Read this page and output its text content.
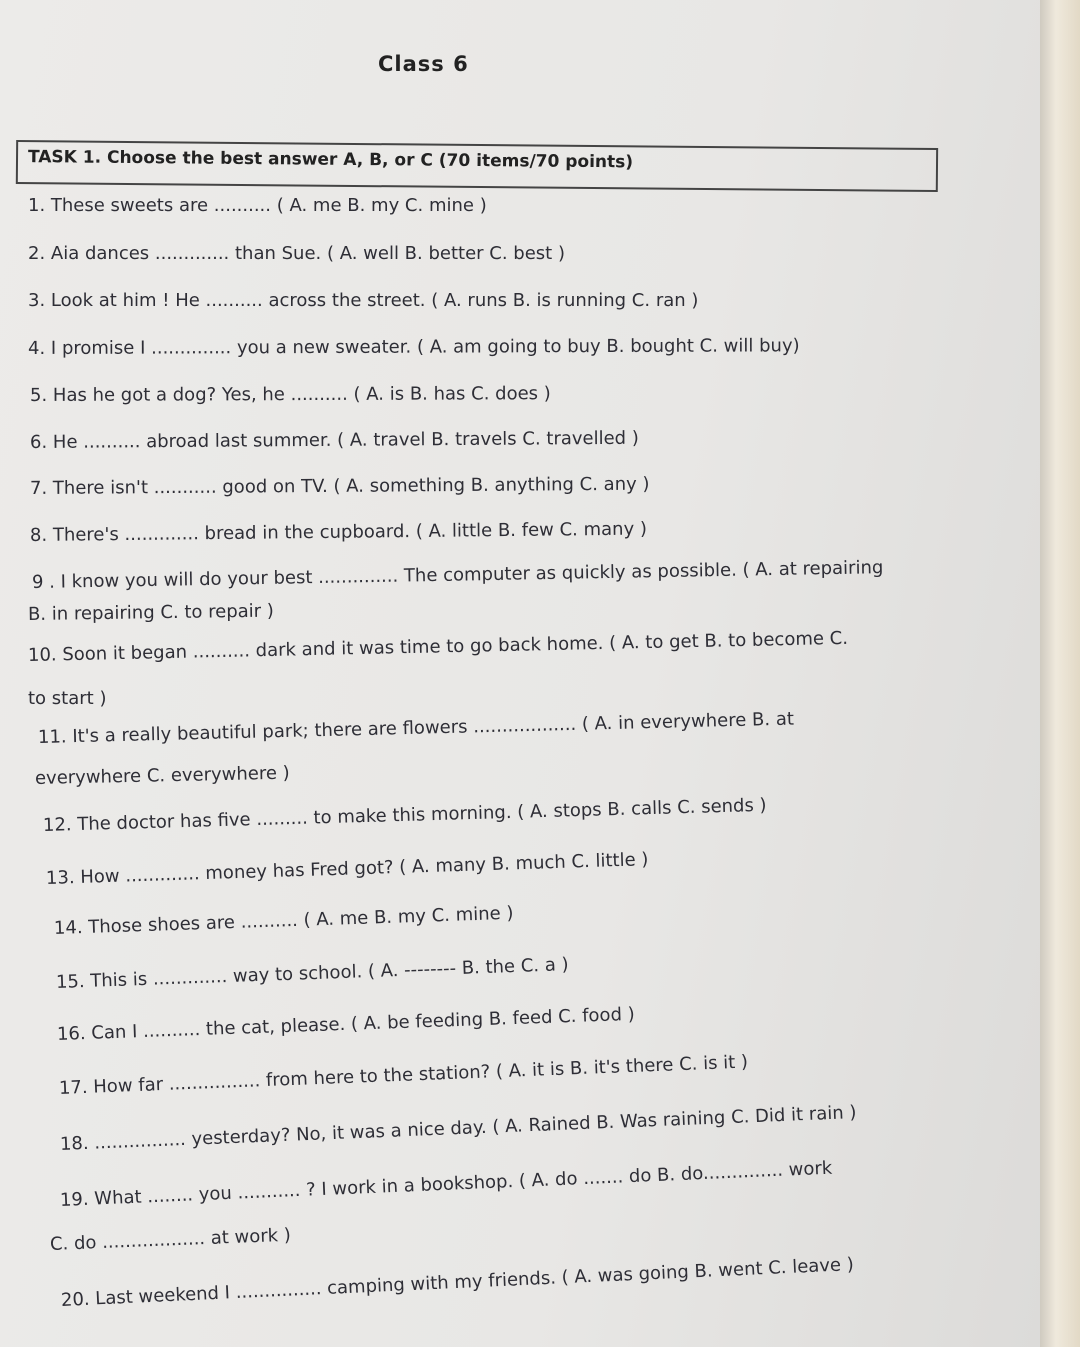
Class 6
TASK 1. Choose the best answer A, B, or C (70 items/70 points)
1. These sweets are .......... ( A. me B. my C. mine )
2. Aia dances ............. than Sue. ( A. well B. better C. best )
3. Look at him ! He .......... across the street. ( A. runs B. is running C. ran )
4. I promise I .............. you a new sweater. ( A. am going to buy B. bought C. will buy)
5. Has he got a dog? Yes, he .......... ( A. is B. has C. does )
6. He .......... abroad last summer. ( A. travel B. travels C. travelled )
7. There isn't ........... good on TV. ( A. something B. anything C. any )
8. There's ............. bread in the cupboard. ( A. little B. few C. many )
9 . I know you will do your best .............. The computer as quickly as possible. ( A. at repairing
B. in repairing C. to repair )
10. Soon it began .......... dark and it was time to go back home. ( A. to get B. to become C.
to start )
11. It's a really beautiful park; there are flowers .................. ( A. in everywhere B. at
everywhere C. everywhere )
12. The doctor has five ......... to make this morning. ( A. stops B. calls C. sends )
13. How ............. money has Fred got? ( A. many B. much C. little )
14. Those shoes are .......... ( A. me B. my C. mine )
15. This is ............. way to school. ( A. -------- B. the C. a )
16. Can I .......... the cat, please. ( A. be feeding B. feed C. food )
17. How far ................ from here to the station? ( A. it is B. it's there C. is it )
18. ................ yesterday? No, it was a nice day. ( A. Rained B. Was raining C. Did it rain )
19. What ........ you ........... ? I work in a bookshop. ( A. do ....... do B. do.............. work
C. do .................. at work )
20. Last weekend I ............... camping with my friends. ( A. was going B. went C. leave )
